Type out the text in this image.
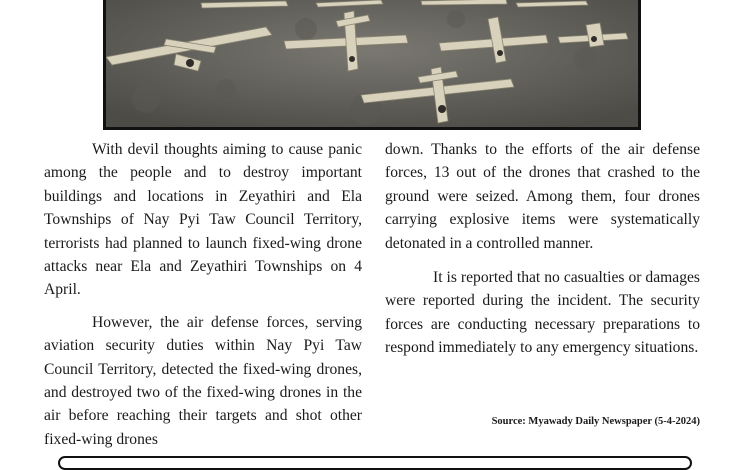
With devil thoughts aiming to cause panic among the people and to destroy important buildings and locations in Zeyathiri and Ela Townships of Nay Pyi Taw Council Territory, terrorists had planned to launch fixed-wing drone attacks near Ela and Zeyathiri Townships on 4 April.

However, the air defense forces, serving aviation security duties within Nay Pyi Taw Council Territory, detected the fixed-wing drones, and destroyed two of the fixed-wing drones in the air before reaching their targets and shot other fixed-wing drones

down. Thanks to the efforts of the air defense forces, 13 out of the drones that crashed to the ground were seized. Among them, four drones carrying explosive items were systematically detonated in a controlled manner.

It is reported that no casualties or damages were reported during the incident. The security forces are conducting necessary preparations to respond immediately to any emergency situations.

Source: Myawady Daily Newspaper (5-4-2024)
